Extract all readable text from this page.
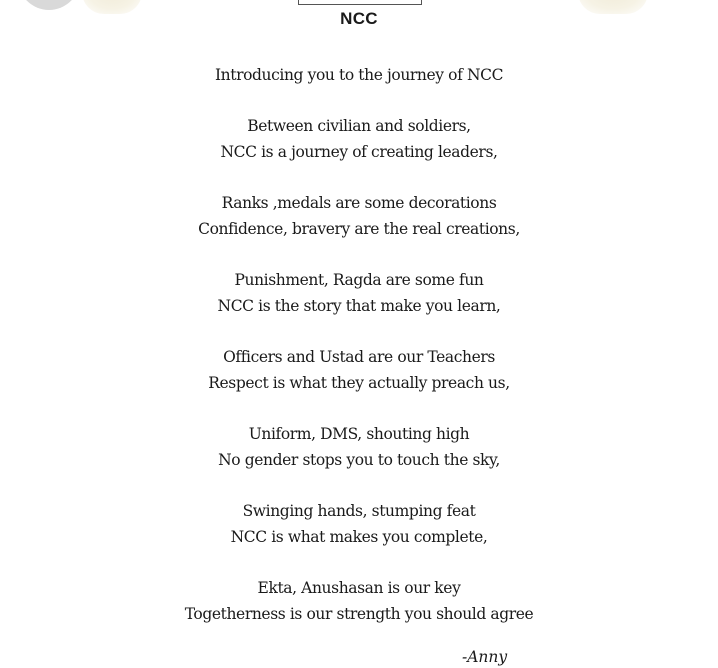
NCC
Introducing you to the journey of NCC
Between civilian and soldiers,
NCC is a journey of creating leaders,
Ranks ,medals are some decorations
Confidence, bravery are the real creations,
Punishment, Ragda are some fun
NCC is the story that make you learn,
Officers and Ustad are our Teachers
Respect is what they actually preach us,
Uniform, DMS, shouting high
No gender stops you to touch the sky,
Swinging hands, stumping feat
NCC is what makes you complete,
Ekta, Anushasan is our key
Togetherness is our strength you should agree
-Anny
